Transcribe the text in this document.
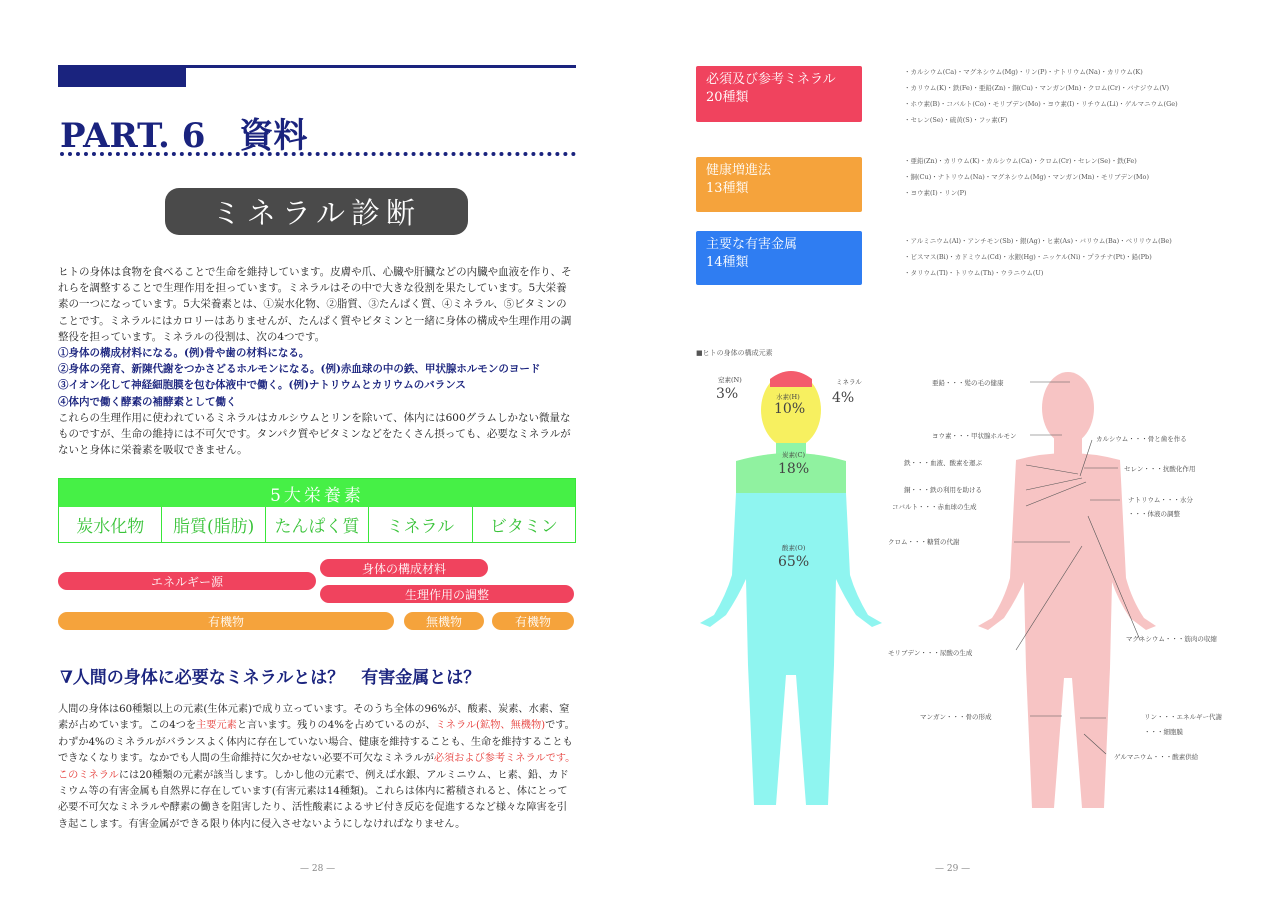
PART. 6　資料
ミネラル診断
ヒトの身体は食物を食べることで生命を維持しています。皮膚や爪、心臓や肝臓などの内臓や血液を作り、それらを調整することで生理作用を担っています。ミネラルはその中で大きな役割を果たしています。5大栄養素の一つになっています。5大栄養素とは、①炭水化物、②脂質、③たんぱく質、④ミネラル、⑤ビタミンのことです。ミネラルにはカロリーはありませんが、たんぱく質やビタミンと一緒に身体の構成や生理作用の調整役を担っています。ミネラルの役割は、次の4つです。
①身体の構成材料になる。(例)骨や歯の材料になる。
②身体の発育、新陳代謝をつかさどるホルモンになる。(例)赤血球の中の鉄、甲状腺ホルモンのヨード
③イオン化して神経細胞膜を包む体液中で働く。(例)ナトリウムとカリウムのバランス
④体内で働く酵素の補酵素として働く
これらの生理作用に使われているミネラルはカルシウムとリンを除いて、体内には600グラムしかない微量なものですが、生命の維持には不可欠です。タンパク質やビタミンなどをたくさん摂っても、必要なミネラルがないと身体に栄養素を吸収できません。
5大栄養素
炭水化物	脂質(脂肪)	たんぱく質	ミネラル	ビタミン
身体の構成材料
エネルギー源
生理作用の調整
有機物	無機物	有機物
∇人間の身体に必要なミネラルとは？　有害金属とは？

人間の身体は60種類以上の元素(生体元素)で成り立っています。そのうち全体の96%が、酸素、炭素、水素、窒素が占めています。この4つを主要元素と言います。残りの4%を占めているのが、ミネラル(鉱物、無機物)です。わずか4%のミネラルがバランスよく体内に存在していない場合、健康を維持することも、生命を維持することもできなくなります。なかでも人間の生命維持に欠かせない必要不可欠なミネラルが必須および参考ミネラルです。このミネラルには20種類の元素が該当します。しかし他の元素で、例えば水銀、アルミニウム、ヒ素、鉛、カドミウム等の有害金属も自然界に存在しています(有害元素は14種類)。これらは体内に蓄積されると、体にとって必要不可欠なミネラルや酵素の働きを阻害したり、活性酸素によるサビ付き反応を促進するなど様々な障害を引き起こします。有害金属ができる限り体内に侵入させないようにしなければなりません。

— 28 —
必須及び参考ミネラル
20種類
・カルシウム(Ca)・マグネシウム(Mg)・リン(P)・ナトリウム(Na)・カリウム(K)
・カリウム(K)・鉄(Fe)・亜鉛(Zn)・銅(Cu)・マンガン(Mn)・クロム(Cr)・バナジウム(V)
・ホウ素(B)・コバルト(Co)・モリブデン(Mo)・ヨウ素(I)・リチウム(Li)・ゲルマニウム(Ge)
・セレン(Se)・硫黄(S)・フッ素(F)
健康増進法
13種類
・亜鉛(Zn)・カリウム(K)・カルシウム(Ca)・クロム(Cr)・セレン(Se)・鉄(Fe)
・銅(Cu)・ナトリウム(Na)・マグネシウム(Mg)・マンガン(Mn)・モリブデン(Mo)
・ヨウ素(I)・リン(P)
主要な有害金属
14種類
・アルミニウム(Al)・アンチモン(Sb)・銀(Ag)・ヒ素(As)・バリウム(Ba)・ベリリウム(Be)
・ビスマス(Bi)・カドミウム(Cd)・水銀(Hg)・ニッケル(Ni)・プラチナ(Pt)・鉛(Pb)
・タリウム(Tl)・トリウム(Th)・ウラニウム(U)
■ヒトの身体の構成元素
窒素(N)
3%	水素(H)
10%
ミネラル
4%
炭素(C)
18%
酸素(O)
65%
亜鉛・・・髪の毛の健康
ヨウ素・・・甲状腺ホルモン
鉄・・・血液、酸素を運ぶ
銅・・・鉄の利用を助ける
コバルト・・・赤血球の生成
カルシウム・・・骨と歯を作る
セレン・・・抗酸化作用
ナトリウム・・・水分
・・・体液の調整
クロム・・・糖質の代謝
マグネシウム・・・筋肉の収縮
モリブデン・・・尿酸の生成
マンガン・・・骨の形成	リン・・・エネルギー代謝
・・・細胞膜
ゲルマニウム・・・酸素供給
— 29 —
